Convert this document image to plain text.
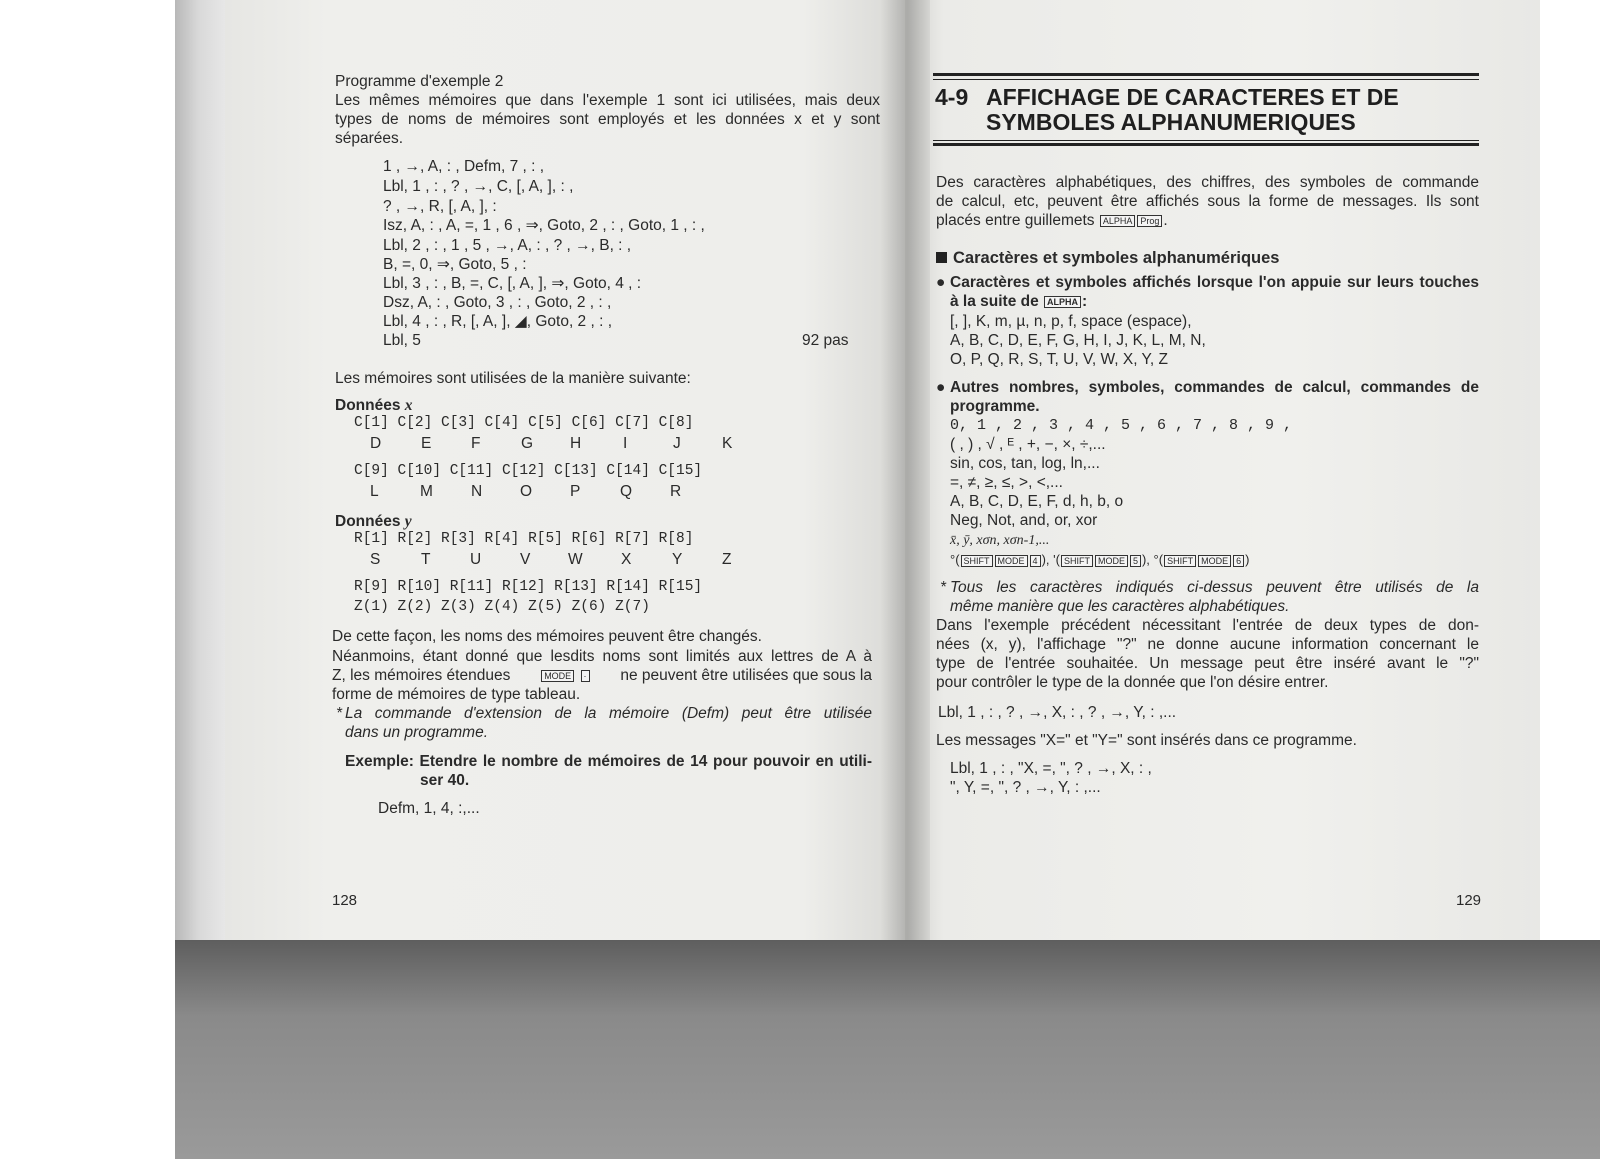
Programme d'exemple 2
Les mêmes mémoires que dans l'exemple 1 sont ici utilisées, mais deux
types de noms de mémoires sont employés et les données x et y sont
séparées.
1 , →, A, : , Defm, 7 , : ,
Lbl, 1 , : , ? , →, C, [, A, ], : ,
? , →, R, [, A, ], :
Isz, A, : , A, =, 1 , 6 , ⇒, Goto, 2 , : , Goto, 1 , : ,
Lbl, 2 , : , 1 , 5 , →, A, : , ? , →, B, : ,
B, =, 0, ⇒, Goto, 5 , :
Lbl, 3 , : , B, =, C, [, A, ], ⇒, Goto, 4 , :
Dsz, A, : , Goto, 3 , : , Goto, 2 , : ,
Lbl, 4 , : , R, [, A, ], ◢, Goto, 2 , : ,
Lbl, 5	92 pas
Les mémoires sont utilisées de la manière suivante:
Données x
C[1] C[2] C[3] C[4] C[5] C[6] C[7] C[8]
D	E	F	G H	I	J	K
C[9] C[10] C[11] C[12] C[13] C[14] C[15]
L	M N O P	Q R
Données y
R[1] R[2] R[3] R[4] R[5] R[6] R[7] R[8]
S	T	U	V W X	Y	Z
R[9] R[10] R[11] R[12] R[13] R[14] R[15]
Z(1) Z(2) Z(3) Z(4) Z(5) Z(6) Z(7)
De cette façon, les noms des mémoires peuvent être changés.
Néanmoins, étant donné que lesdits noms sont limités aux lettres de A à
Z, les mémoires étendues	MODE · ne peuvent être utilisées que sous la
forme de mémoires de type tableau.
* La commande d'extension de la mémoire (Defm) peut être utilisée
dans un programme.
Exemple: Etendre le nombre de mémoires de 14 pour pouvoir en utili-
ser 40.
Defm, 1, 4, :,...
128
4-9 AFFICHAGE DE CARACTERES ET DE
SYMBOLES ALPHANUMERIQUES
Des caractères alphabétiques, des chiffres, des symboles de commande
de calcul, etc, peuvent être affichés sous la forme de messages. Ils sont
placés entre guillemets ALPHA Prog .
Caractères et symboles alphanumériques
● Caractères et symboles affichés lorsque l'on appuie sur leurs touches
à la suite de ALPHA :
[, ], K, m, µ, n, p, f, space (espace),
A, B, C, D, E, F, G, H, I, J, K, L, M, N,
O, P, Q, R, S, T, U, V, W, X, Y, Z
● Autres nombres, symboles, commandes de calcul, commandes de
programme.
0, 1 , 2 , 3 , 4 , 5 , 6 , 7 , 8 , 9 ,
( , ) , √ , ᴱ , +, −, ×, ÷,...
sin, cos, tan, log, ln,...
=, ≠, ≥, ≤, >, <,...
A, B, C, D, E, F, d, h, b, o
Neg, Not, and, or, xor
x̄, ȳ, xσn, xσn-1,...
°( SHIFT MODE 4 ), '( SHIFT MODE 5 ), °( SHIFT MODE 6 )
* Tous les caractères indiqués ci-dessus peuvent être utilisés de la
même manière que les caractères alphabétiques.
Dans l'exemple précédent nécessitant l'entrée de deux types de don-
nées (x, y), l'affichage "?" ne donne aucune information concernant le
type de l'entrée souhaitée. Un message peut être inséré avant le "?"
pour contrôler le type de la donnée que l'on désire entrer.
Lbl, 1 , : , ? , →, X, : , ? , →, Y, : ,...
Les messages "X=" et "Y=" sont insérés dans ce programme.
Lbl, 1 , : , "X, =, ", ? , →, X, : ,
", Y, =, ", ? , →, Y, : ,...
129
